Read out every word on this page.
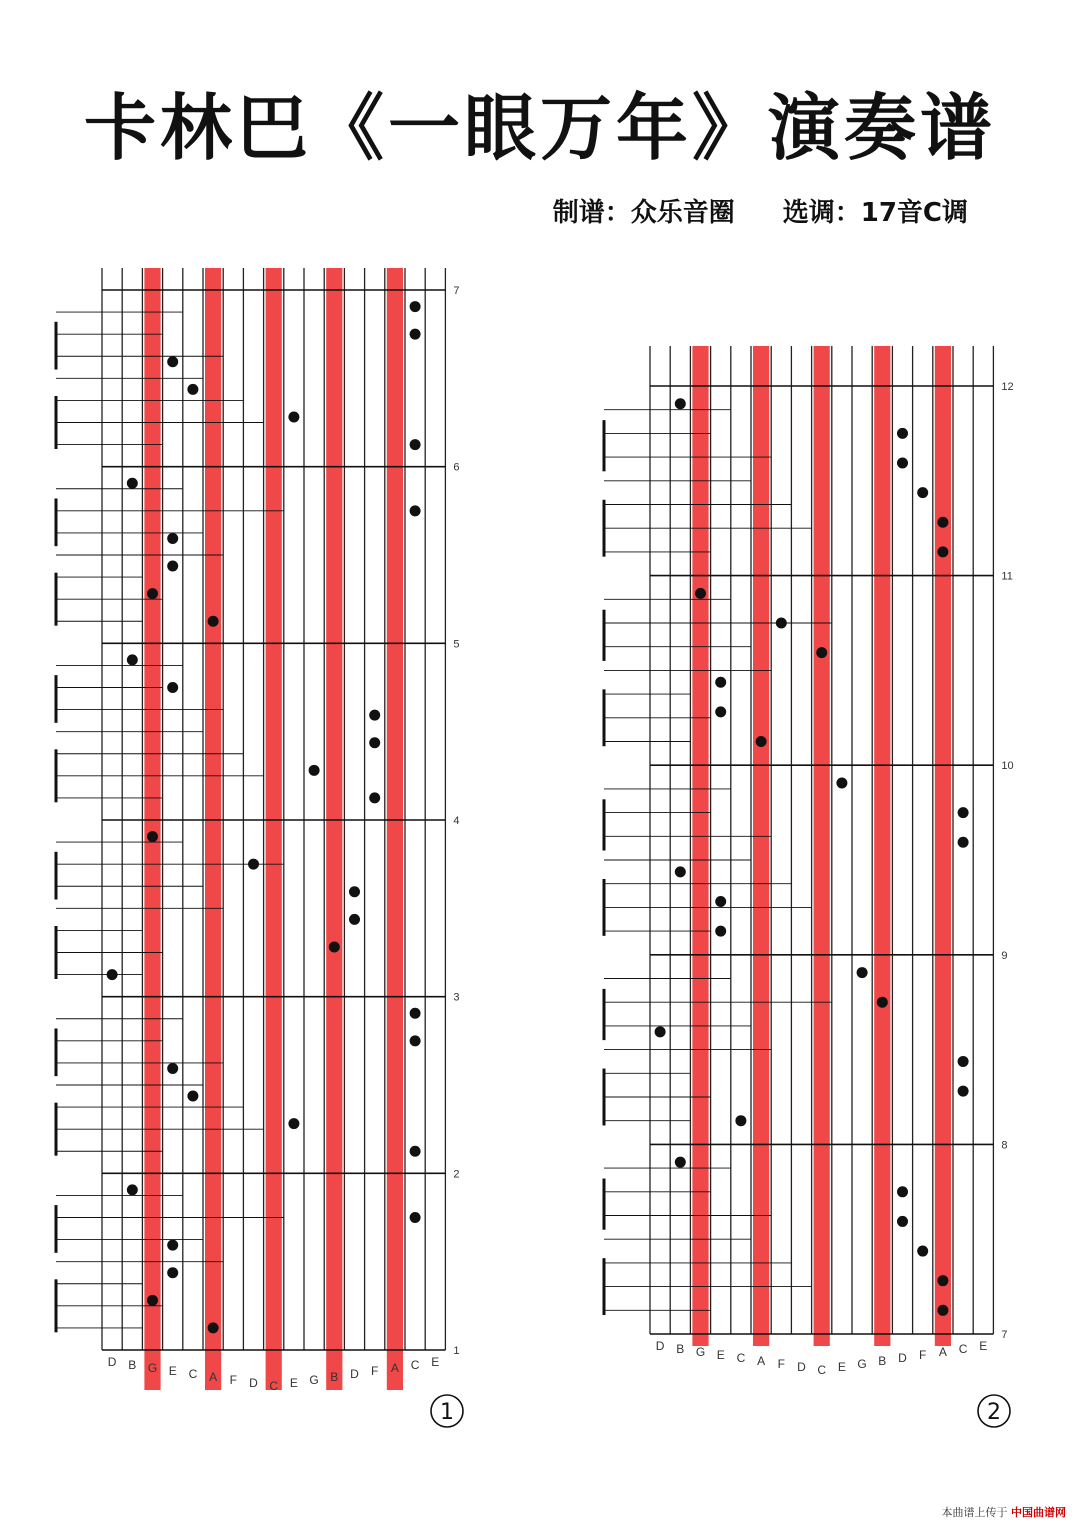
卡林巴《一眼万年》演奏谱
制谱：众乐音圈 选调：17音C调
D B G E C A F D C E G B D F A C E
7
6
5
4
3
2
1
1
D B G E C A F D C E G B D F A C E
12
11
10
9
8
7
2
本曲谱上传于 中国曲谱网
